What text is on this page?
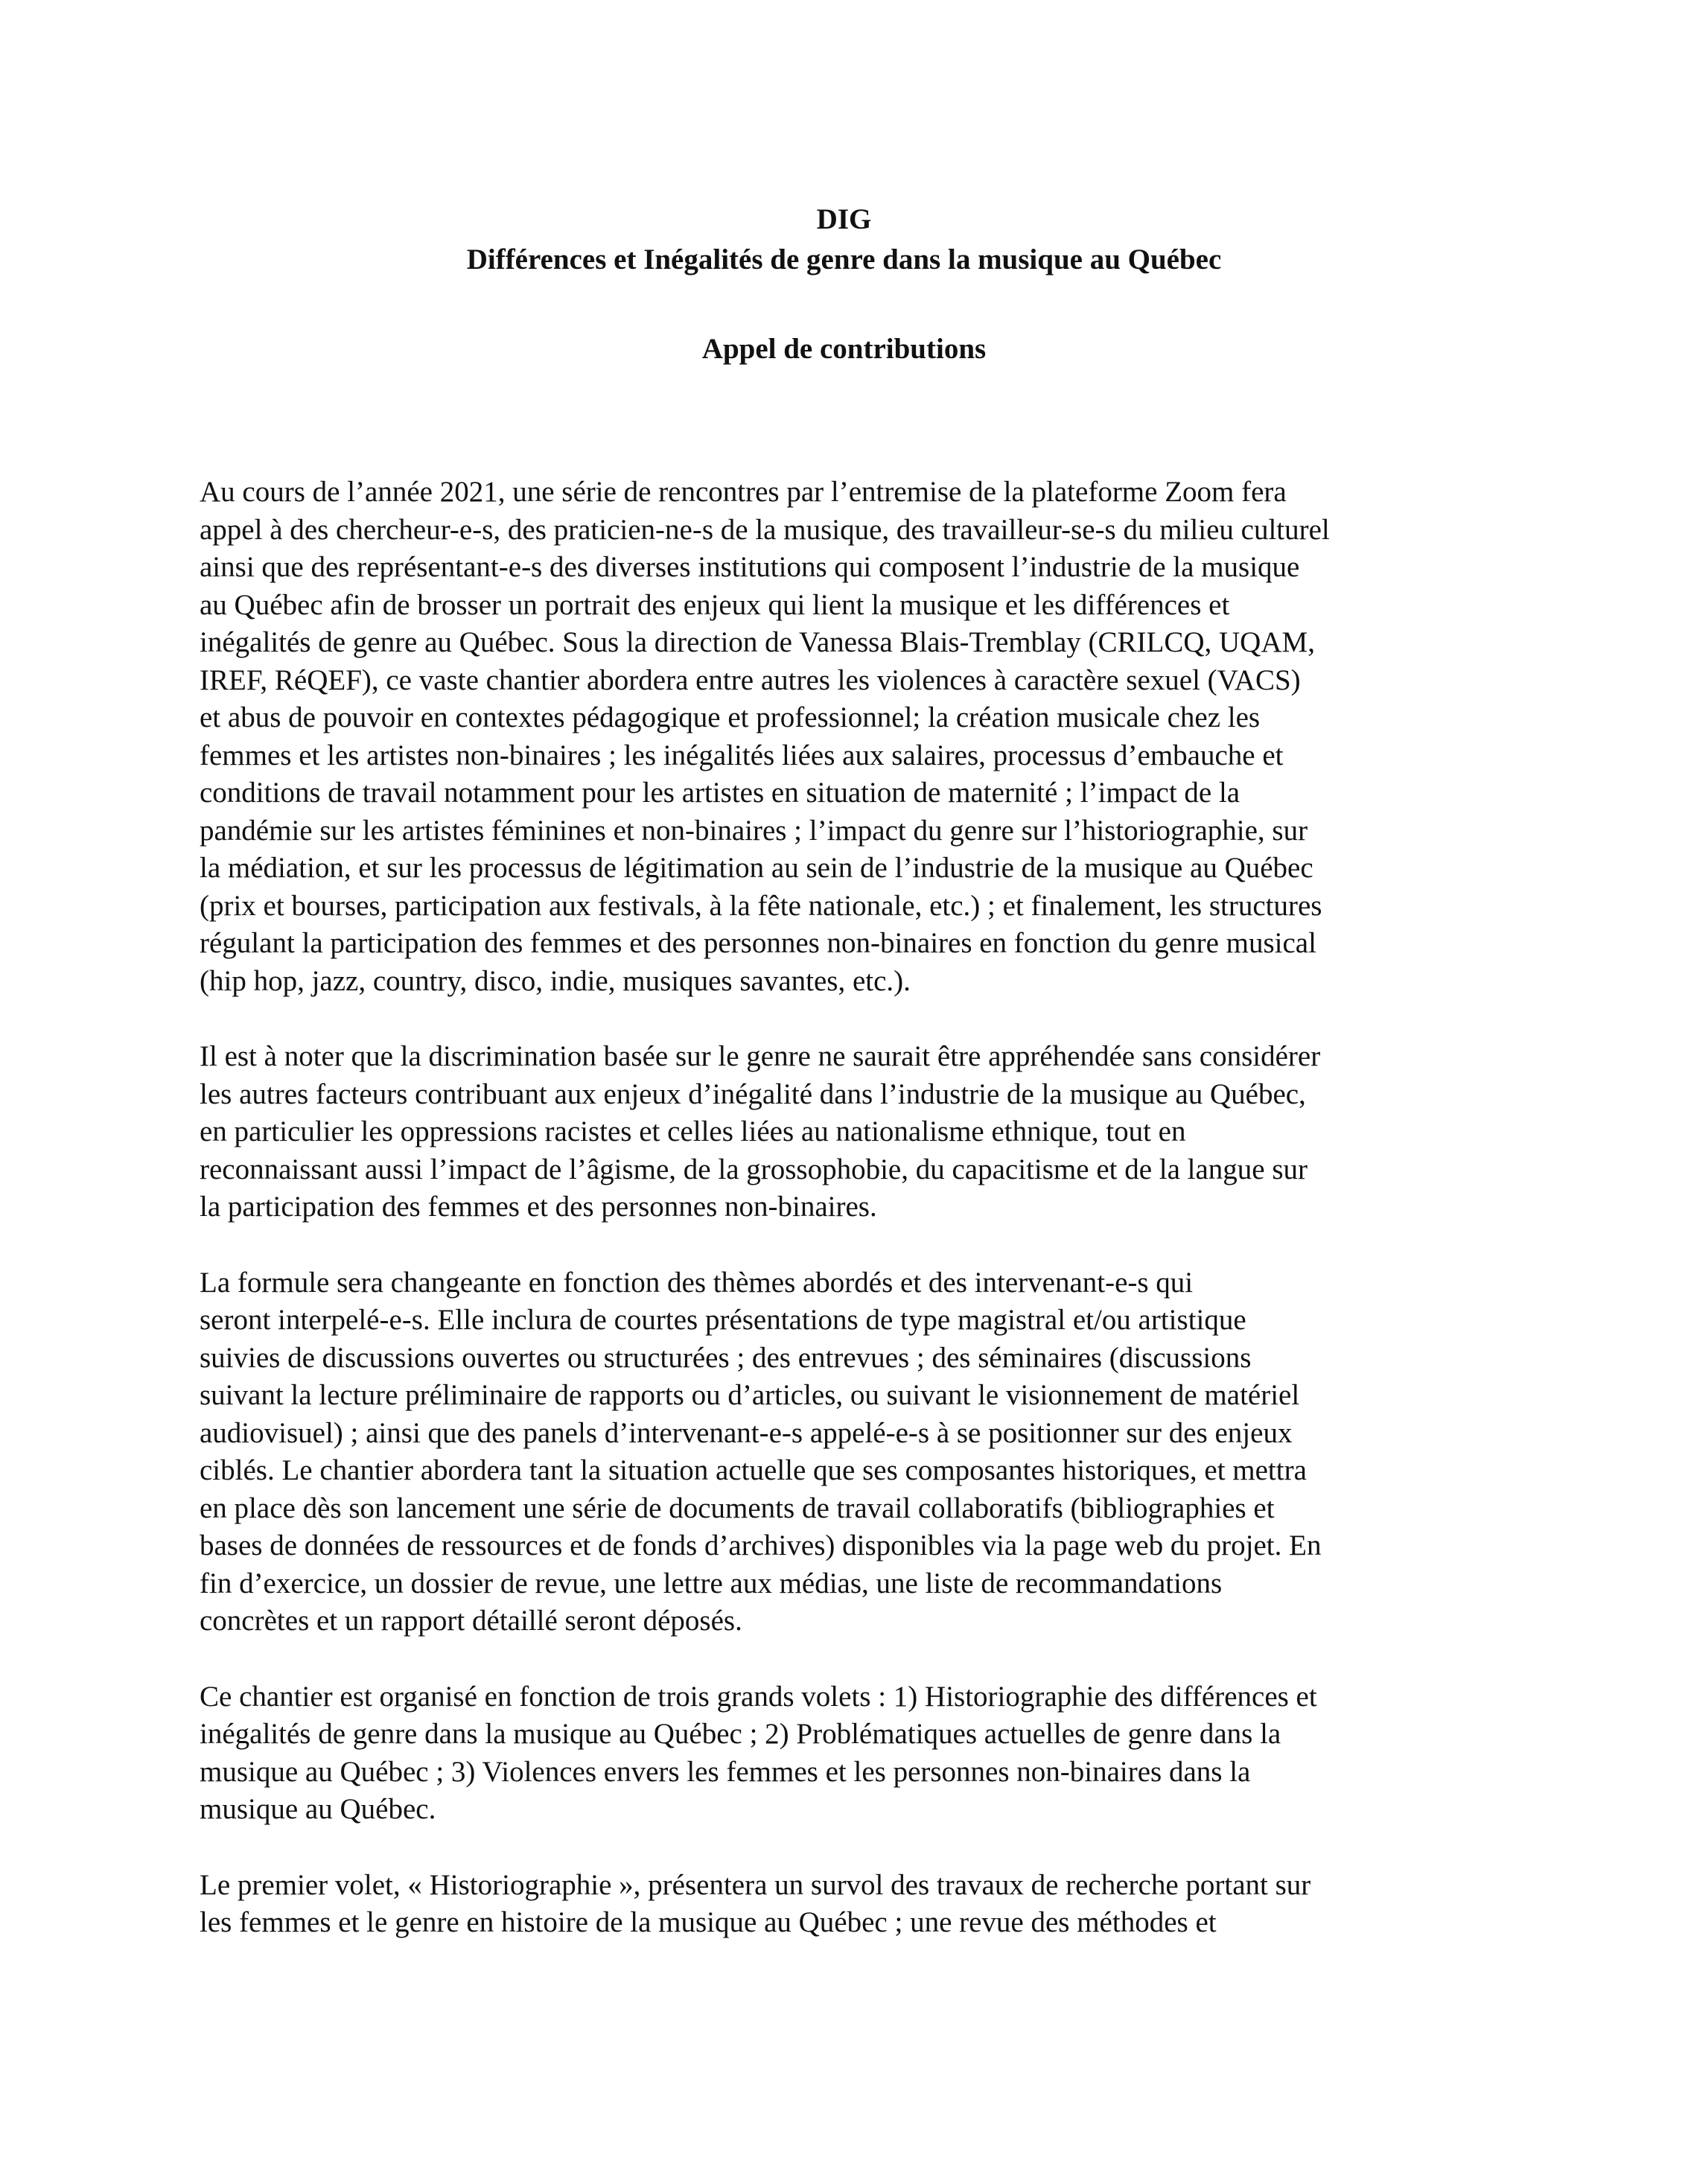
DIG
Différences et Inégalités de genre dans la musique au Québec
Appel de contributions

Au cours de l’année 2021, une série de rencontres par l’entremise de la plateforme Zoom fera
appel à des chercheur-e-s, des praticien-ne-s de la musique, des travailleur-se-s du milieu culturel
ainsi que des représentant-e-s des diverses institutions qui composent l’industrie de la musique
au Québec afin de brosser un portrait des enjeux qui lient la musique et les différences et
inégalités de genre au Québec. Sous la direction de Vanessa Blais-Tremblay (CRILCQ, UQAM,
IREF, RéQEF), ce vaste chantier abordera entre autres les violences à caractère sexuel (VACS)
et abus de pouvoir en contextes pédagogique et professionnel; la création musicale chez les
femmes et les artistes non-binaires ; les inégalités liées aux salaires, processus d’embauche et
conditions de travail notamment pour les artistes en situation de maternité ; l’impact de la
pandémie sur les artistes féminines et non-binaires ; l’impact du genre sur l’historiographie, sur
la médiation, et sur les processus de légitimation au sein de l’industrie de la musique au Québec
(prix et bourses, participation aux festivals, à la fête nationale, etc.) ; et finalement, les structures
régulant la participation des femmes et des personnes non-binaires en fonction du genre musical
(hip hop, jazz, country, disco, indie, musiques savantes, etc.).

Il est à noter que la discrimination basée sur le genre ne saurait être appréhendée sans considérer
les autres facteurs contribuant aux enjeux d’inégalité dans l’industrie de la musique au Québec,
en particulier les oppressions racistes et celles liées au nationalisme ethnique, tout en
reconnaissant aussi l’impact de l’âgisme, de la grossophobie, du capacitisme et de la langue sur
la participation des femmes et des personnes non-binaires.

La formule sera changeante en fonction des thèmes abordés et des intervenant-e-s qui
seront interpelé-e-s. Elle inclura de courtes présentations de type magistral et/ou artistique
suivies de discussions ouvertes ou structurées ; des entrevues ; des séminaires (discussions
suivant la lecture préliminaire de rapports ou d’articles, ou suivant le visionnement de matériel
audiovisuel) ; ainsi que des panels d’intervenant-e-s appelé-e-s à se positionner sur des enjeux
ciblés. Le chantier abordera tant la situation actuelle que ses composantes historiques, et mettra
en place dès son lancement une série de documents de travail collaboratifs (bibliographies et
bases de données de ressources et de fonds d’archives) disponibles via la page web du projet. En
fin d’exercice, un dossier de revue, une lettre aux médias, une liste de recommandations
concrètes et un rapport détaillé seront déposés.

Ce chantier est organisé en fonction de trois grands volets : 1) Historiographie des différences et
inégalités de genre dans la musique au Québec ; 2) Problématiques actuelles de genre dans la
musique au Québec ; 3) Violences envers les femmes et les personnes non-binaires dans la
musique au Québec.

Le premier volet, « Historiographie », présentera un survol des travaux de recherche portant sur
les femmes et le genre en histoire de la musique au Québec ; une revue des méthodes et
